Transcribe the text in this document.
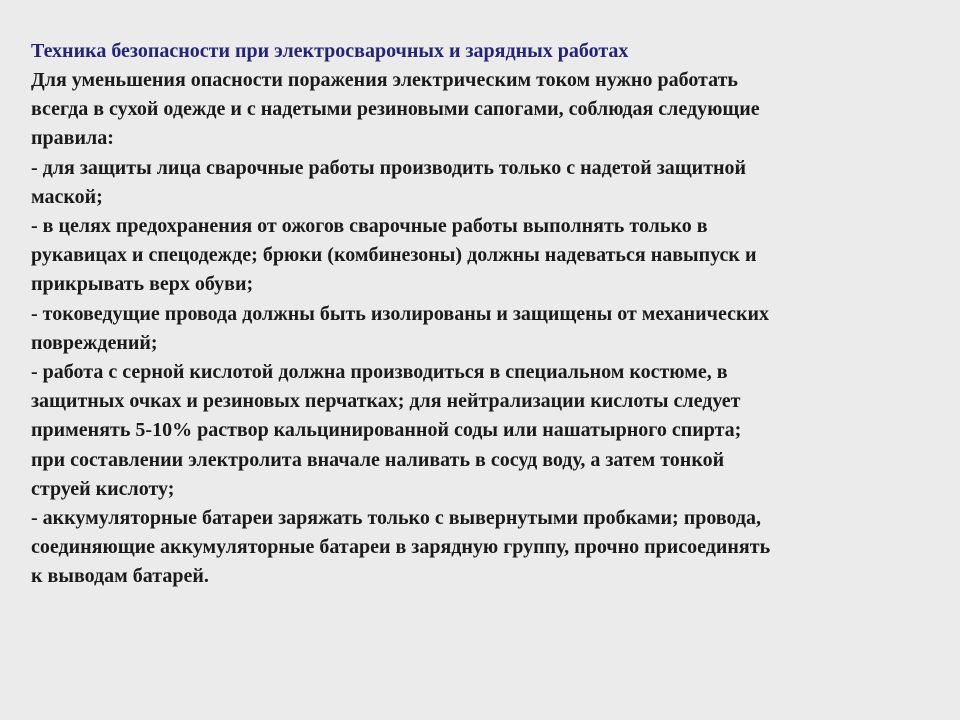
Техника безопасности при электросварочных и зарядных работах
Для уменьшения опасности поражения электрическим током нужно работать
всегда в сухой одежде и с надетыми резиновыми сапогами, соблюдая следующие
правила:
- для защиты лица сварочные работы производить только с надетой защитной
маской;
- в целях предохранения от ожогов сварочные работы выполнять только в
рукавицах и спецодежде; брюки (комбинезоны) должны надеваться навыпуск и
прикрывать верх обуви;
- токоведущие провода должны быть изолированы и защищены от механических
повреждений;
- работа с серной кислотой должна производиться в специальном костюме, в
защитных очках и резиновых перчатках; для нейтрализации кислоты следует
применять 5-10% раствор кальцинированной соды или нашатырного спирта;
при составлении электролита вначале наливать в сосуд воду, а затем тонкой
струей кислоту;
- аккумуляторные батареи заряжать только с вывернутыми пробками; провода,
соединяющие аккумуляторные батареи в зарядную группу, прочно присоединять
к выводам батарей.
